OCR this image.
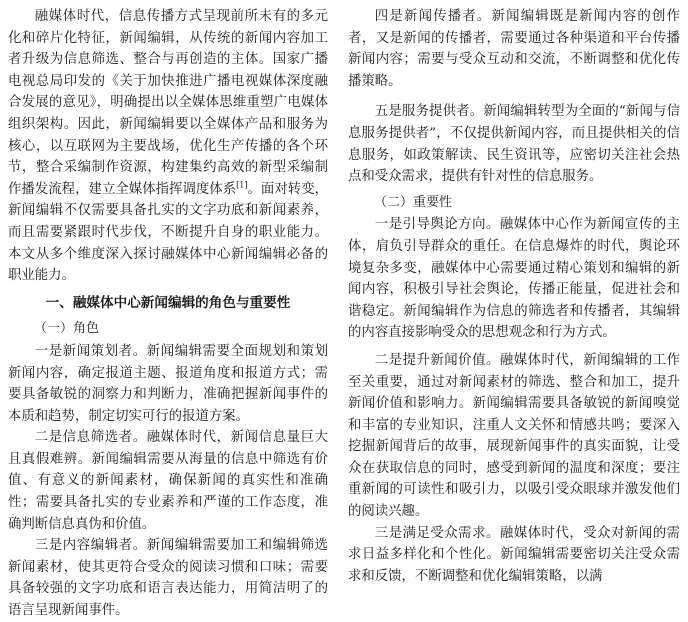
融媒体时代，信息传播方式呈现前所未有的多元化和碎片化特征，新闻编辑，从传统的新闻内容加工者升级为信息筛选、整合与再创造的主体。国家广播电视总局印发的《关于加快推进广播电视媒体深度融合发展的意见》，明确提出以全媒体思维重塑广电媒体组织架构。因此，新闻编辑要以全媒体产品和服务为核心，以互联网为主要战场，优化生产传播的各个环节，整合采编制作资源，构建集约高效的新型采编制作播发流程，建立全媒体指挥调度体系[1]。面对转变，新闻编辑不仅需要具备扎实的文字功底和新闻素养，而且需要紧跟时代步伐，不断提升自身的职业能力。本文从多个维度深入探讨融媒体中心新闻编辑必备的职业能力。

一、融媒体中心新闻编辑的角色与重要性
（一）角色

一是新闻策划者。新闻编辑需要全面规划和策划新闻内容，确定报道主题、报道角度和报道方式；需要具备敏锐的洞察力和判断力，准确把握新闻事件的本质和趋势，制定切实可行的报道方案。

二是信息筛选者。融媒体时代，新闻信息量巨大且真假难辨。新闻编辑需要从海量的信息中筛选有价值、有意义的新闻素材，确保新闻的真实性和准确性；需要具备扎实的专业素养和严谨的工作态度，准确判断信息真伪和价值。

三是内容编辑者。新闻编辑需要加工和编辑筛选新闻素材，使其更符合受众的阅读习惯和口味；需要具备较强的文字功底和语言表达能力，用简洁明了的语言呈现新闻事件。

四是新闻传播者。新闻编辑既是新闻内容的创作者，又是新闻的传播者，需要通过各种渠道和平台传播新闻内容；需要与受众互动和交流，不断调整和优化传播策略。

五是服务提供者。新闻编辑转型为全面的“新闻与信息服务提供者”，不仅提供新闻内容，而且提供相关的信息服务，如政策解读、民生资讯等，应密切关注社会热点和受众需求，提供有针对性的信息服务。

（二）重要性

一是引导舆论方向。融媒体中心作为新闻宣传的主体，肩负引导群众的重任。在信息爆炸的时代，舆论环境复杂多变，融媒体中心需要通过精心策划和编辑的新闻内容，积极引导社会舆论，传播正能量，促进社会和谐稳定。新闻编辑作为信息的筛选者和传播者，其编辑的内容直接影响受众的思想观念和行为方式。

二是提升新闻价值。融媒体时代，新闻编辑的工作至关重要，通过对新闻素材的筛选、整合和加工，提升新闻价值和影响力。新闻编辑需要具备敏锐的新闻嗅觉和丰富的专业知识，注重人文关怀和情感共鸣；要深入挖掘新闻背后的故事，展现新闻事件的真实面貌，让受众在获取信息的同时，感受到新闻的温度和深度；要注重新闻的可读性和吸引力，以吸引受众眼球并激发他们的阅读兴趣。

三是满足受众需求。融媒体时代，受众对新闻的需求日益多样化和个性化。新闻编辑需要密切关注受众需求和反馈，不断调整和优化编辑策略，以满
